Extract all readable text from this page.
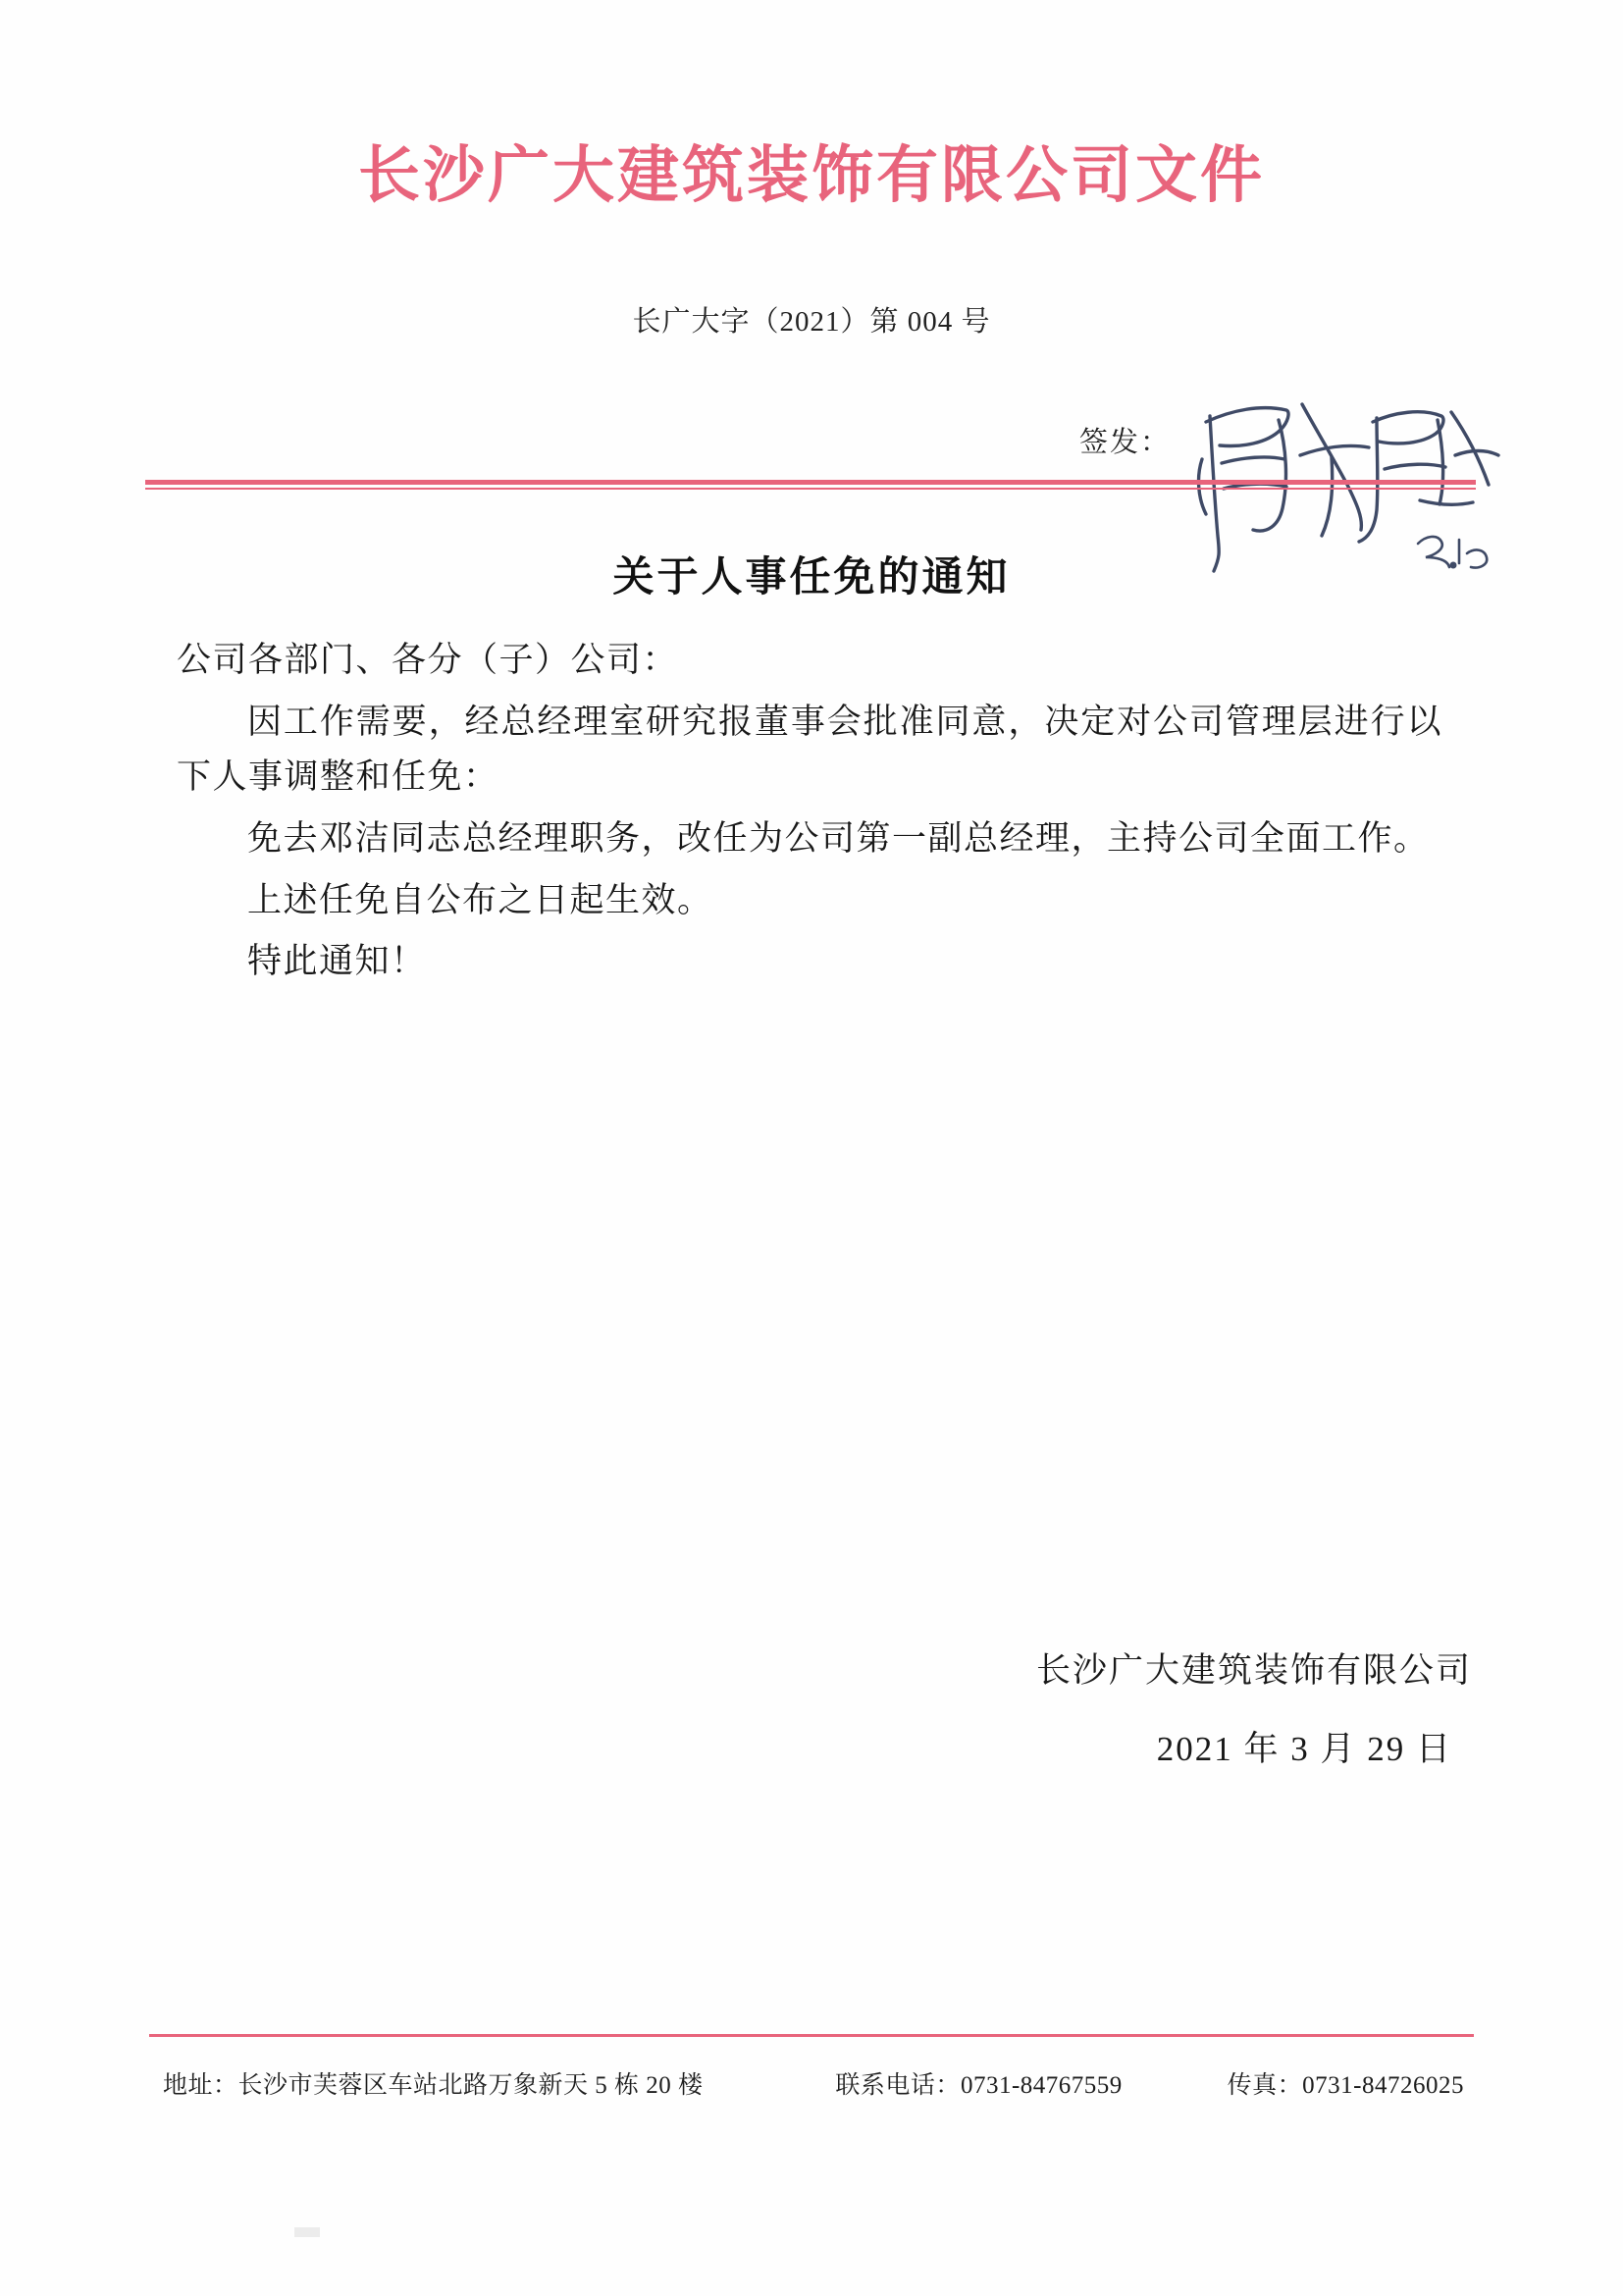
长沙广大建筑装饰有限公司文件
长广大字（2021）第 004 号
签发：
关于人事任免的通知

公司各部门、各分（子）公司：

因工作需要，经总经理室研究报董事会批准同意，决定对公司管理层进行以下人事调整和任免：

免去邓洁同志总经理职务，改任为公司第一副总经理，主持公司全面工作。

上述任免自公布之日起生效。

特此通知！

长沙广大建筑装饰有限公司
2021 年 3 月 29 日
地址：长沙市芙蓉区车站北路万象新天 5 栋 20 楼	联系电话：0731-84767559	传真：0731-84726025
